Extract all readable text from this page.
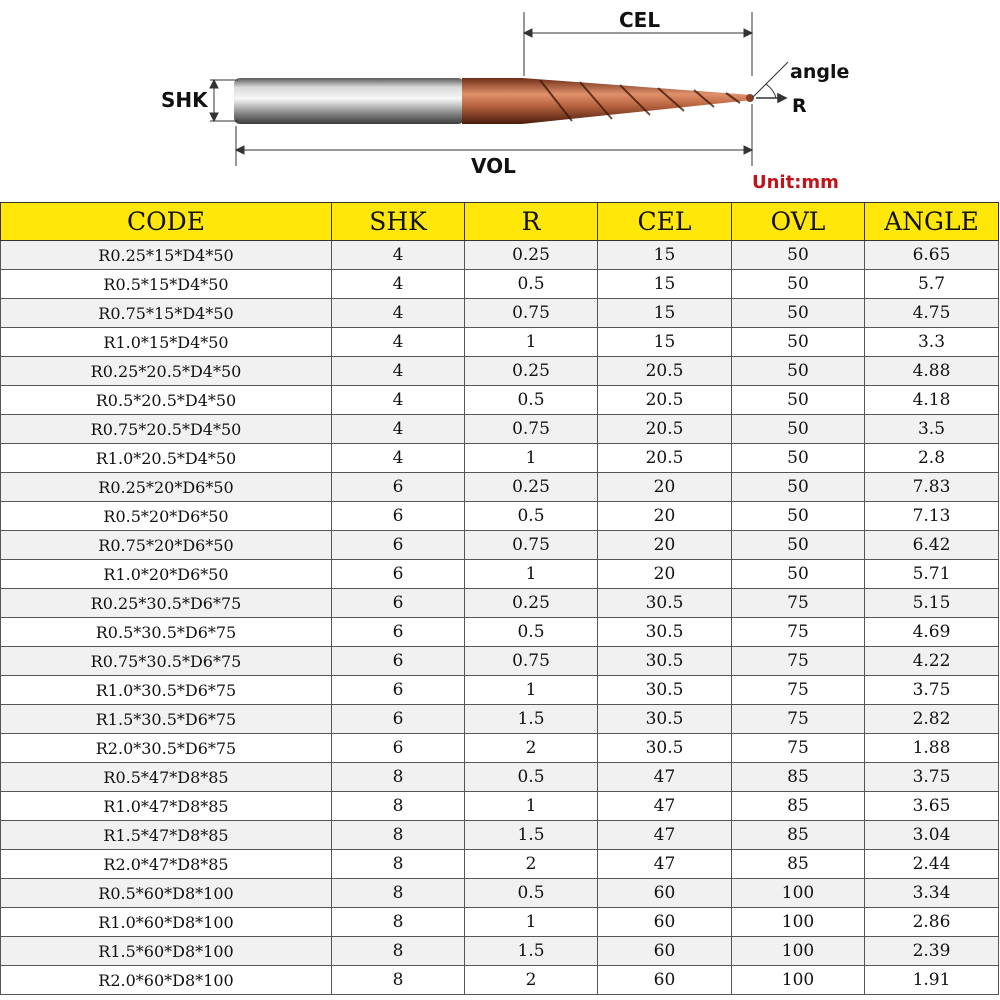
CEL
SHK
VOL
angle
R
Unit:mm
CODE	SHK	R	CEL	OVL	ANGLE
R0.25*15*D4*50	4	0.25	15	50	6.65
R0.5*15*D4*50	4	0.5	15	50	5.7
R0.75*15*D4*50	4	0.75	15	50	4.75
R1.0*15*D4*50	4	1	15	50	3.3
R0.25*20.5*D4*50	4	0.25	20.5	50	4.88
R0.5*20.5*D4*50	4	0.5	20.5	50	4.18
R0.75*20.5*D4*50	4	0.75	20.5	50	3.5
R1.0*20.5*D4*50	4	1	20.5	50	2.8
R0.25*20*D6*50	6	0.25	20	50	7.83
R0.5*20*D6*50	6	0.5	20	50	7.13
R0.75*20*D6*50	6	0.75	20	50	6.42
R1.0*20*D6*50	6	1	20	50	5.71
R0.25*30.5*D6*75	6	0.25	30.5	75	5.15
R0.5*30.5*D6*75	6	0.5	30.5	75	4.69
R0.75*30.5*D6*75	6	0.75	30.5	75	4.22
R1.0*30.5*D6*75	6	1	30.5	75	3.75
R1.5*30.5*D6*75	6	1.5	30.5	75	2.82
R2.0*30.5*D6*75	6	2	30.5	75	1.88
R0.5*47*D8*85	8	0.5	47	85	3.75
R1.0*47*D8*85	8	1	47	85	3.65
R1.5*47*D8*85	8	1.5	47	85	3.04
R2.0*47*D8*85	8	2	47	85	2.44
R0.5*60*D8*100	8	0.5	60	100	3.34
R1.0*60*D8*100	8	1	60	100	2.86
R1.5*60*D8*100	8	1.5	60	100	2.39
R2.0*60*D8*100	8	2	60	100	1.91
